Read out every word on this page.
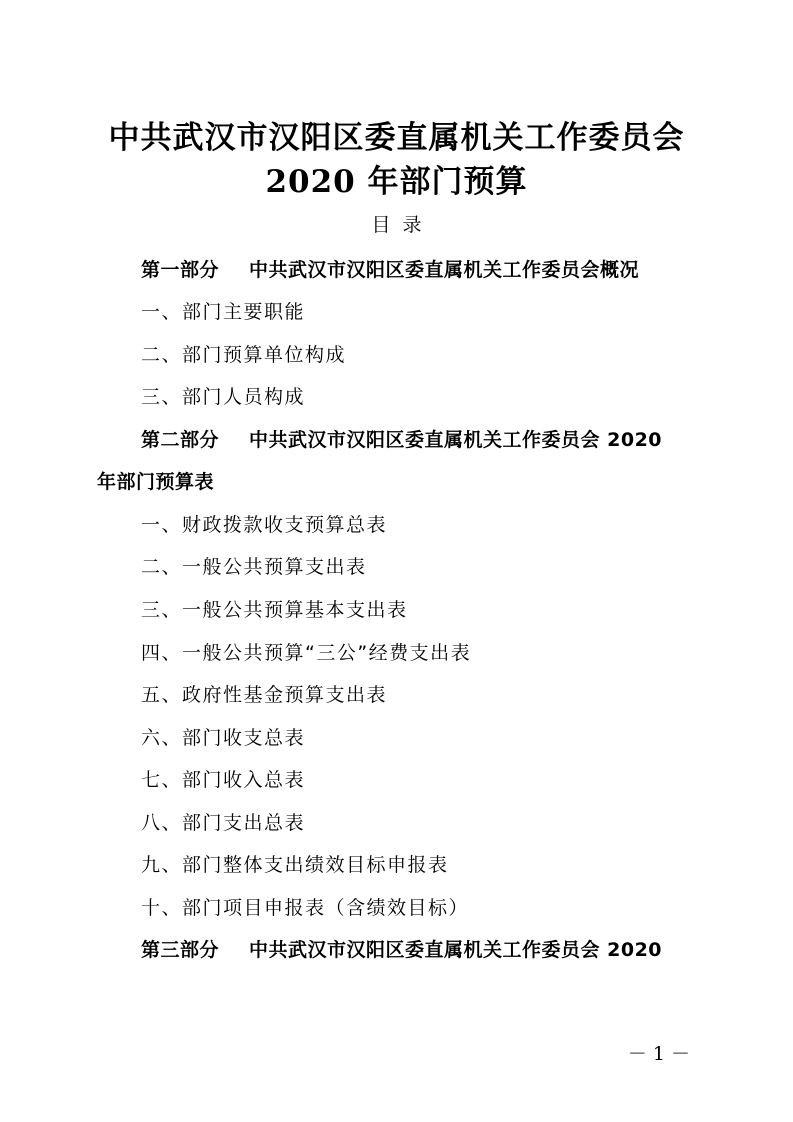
中共武汉市汉阳区委直属机关工作委员会
2020 年部门预算
目  录
第一部分 中共武汉市汉阳区委直属机关工作委员会概况
一、部门主要职能
二、部门预算单位构成
三、部门人员构成
第二部分 中共武汉市汉阳区委直属机关工作委员会 2020
年部门预算表
一、财政拨款收支预算总表
二、一般公共预算支出表
三、一般公共预算基本支出表
四、一般公共预算“三公”经费支出表
五、政府性基金预算支出表
六、部门收支总表
七、部门收入总表
八、部门支出总表
九、部门整体支出绩效目标申报表
十、部门项目申报表（含绩效目标）
第三部分 中共武汉市汉阳区委直属机关工作委员会 2020
－ 1 －
